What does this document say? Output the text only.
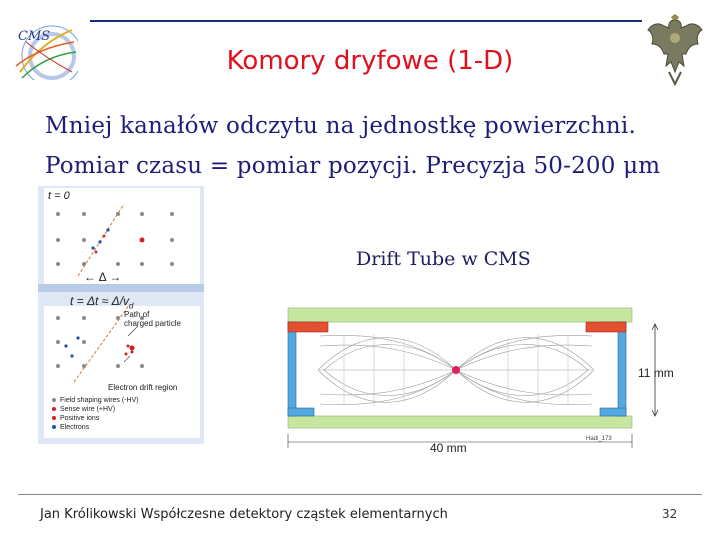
CMS
Komory dryfowe (1-D)
Mniej kanałów odczytu na jednostkę powierzchni.
Pomiar czasu = pomiar pozycji. Precyzja 50-200 μm
t = 0
← Δ →
$t = \Delta t \approx \Delta/v_d$
Path of
charged particle
Electron drift region
Field shaping wires (-HV)
Sense wire (+HV)
Positive ions
Electrons
Drift Tube w CMS
11 mm
40 mm
Hadi_173
Jan Królikowski Współczesne detektory cząstek elementarnych	32
